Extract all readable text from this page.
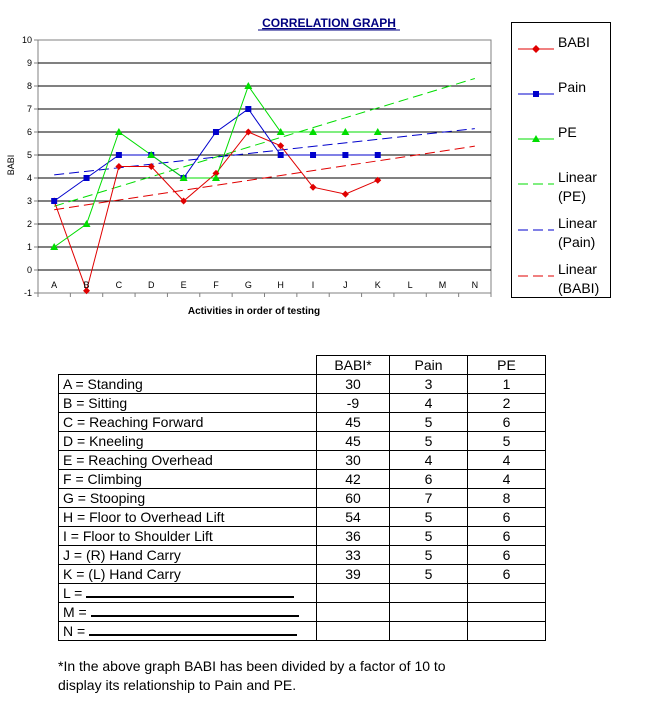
CORRELATION GRAPH
-1
0
1
2
3
4
5
6
7
8
9
10
A	B	C	D	E	F	G	H	I	J	K	L	M	N
BABI
Activities in order of testing
BABI
Pain
PE
Linear
(PE)
Linear
(Pain)
Linear
(BABI)
	BABI*	Pain	PE
A = Standing	30	3	1
B = Sitting	-9	4	2
C = Reaching Forward	45	5	6
D = Kneeling	45	5	5
E = Reaching Overhead	30	4	4
F = Climbing	42	6	4
G = Stooping	60	7	8
H = Floor to Overhead Lift	54	5	6
I = Floor to Shoulder Lift	36	5	6
J = (R) Hand Carry	33	5	6
K = (L) Hand Carry	39	5	6
L =			
M =			
N =			
*In the above graph BABI has been divided by a factor of 10 to display its relationship to Pain and PE.
